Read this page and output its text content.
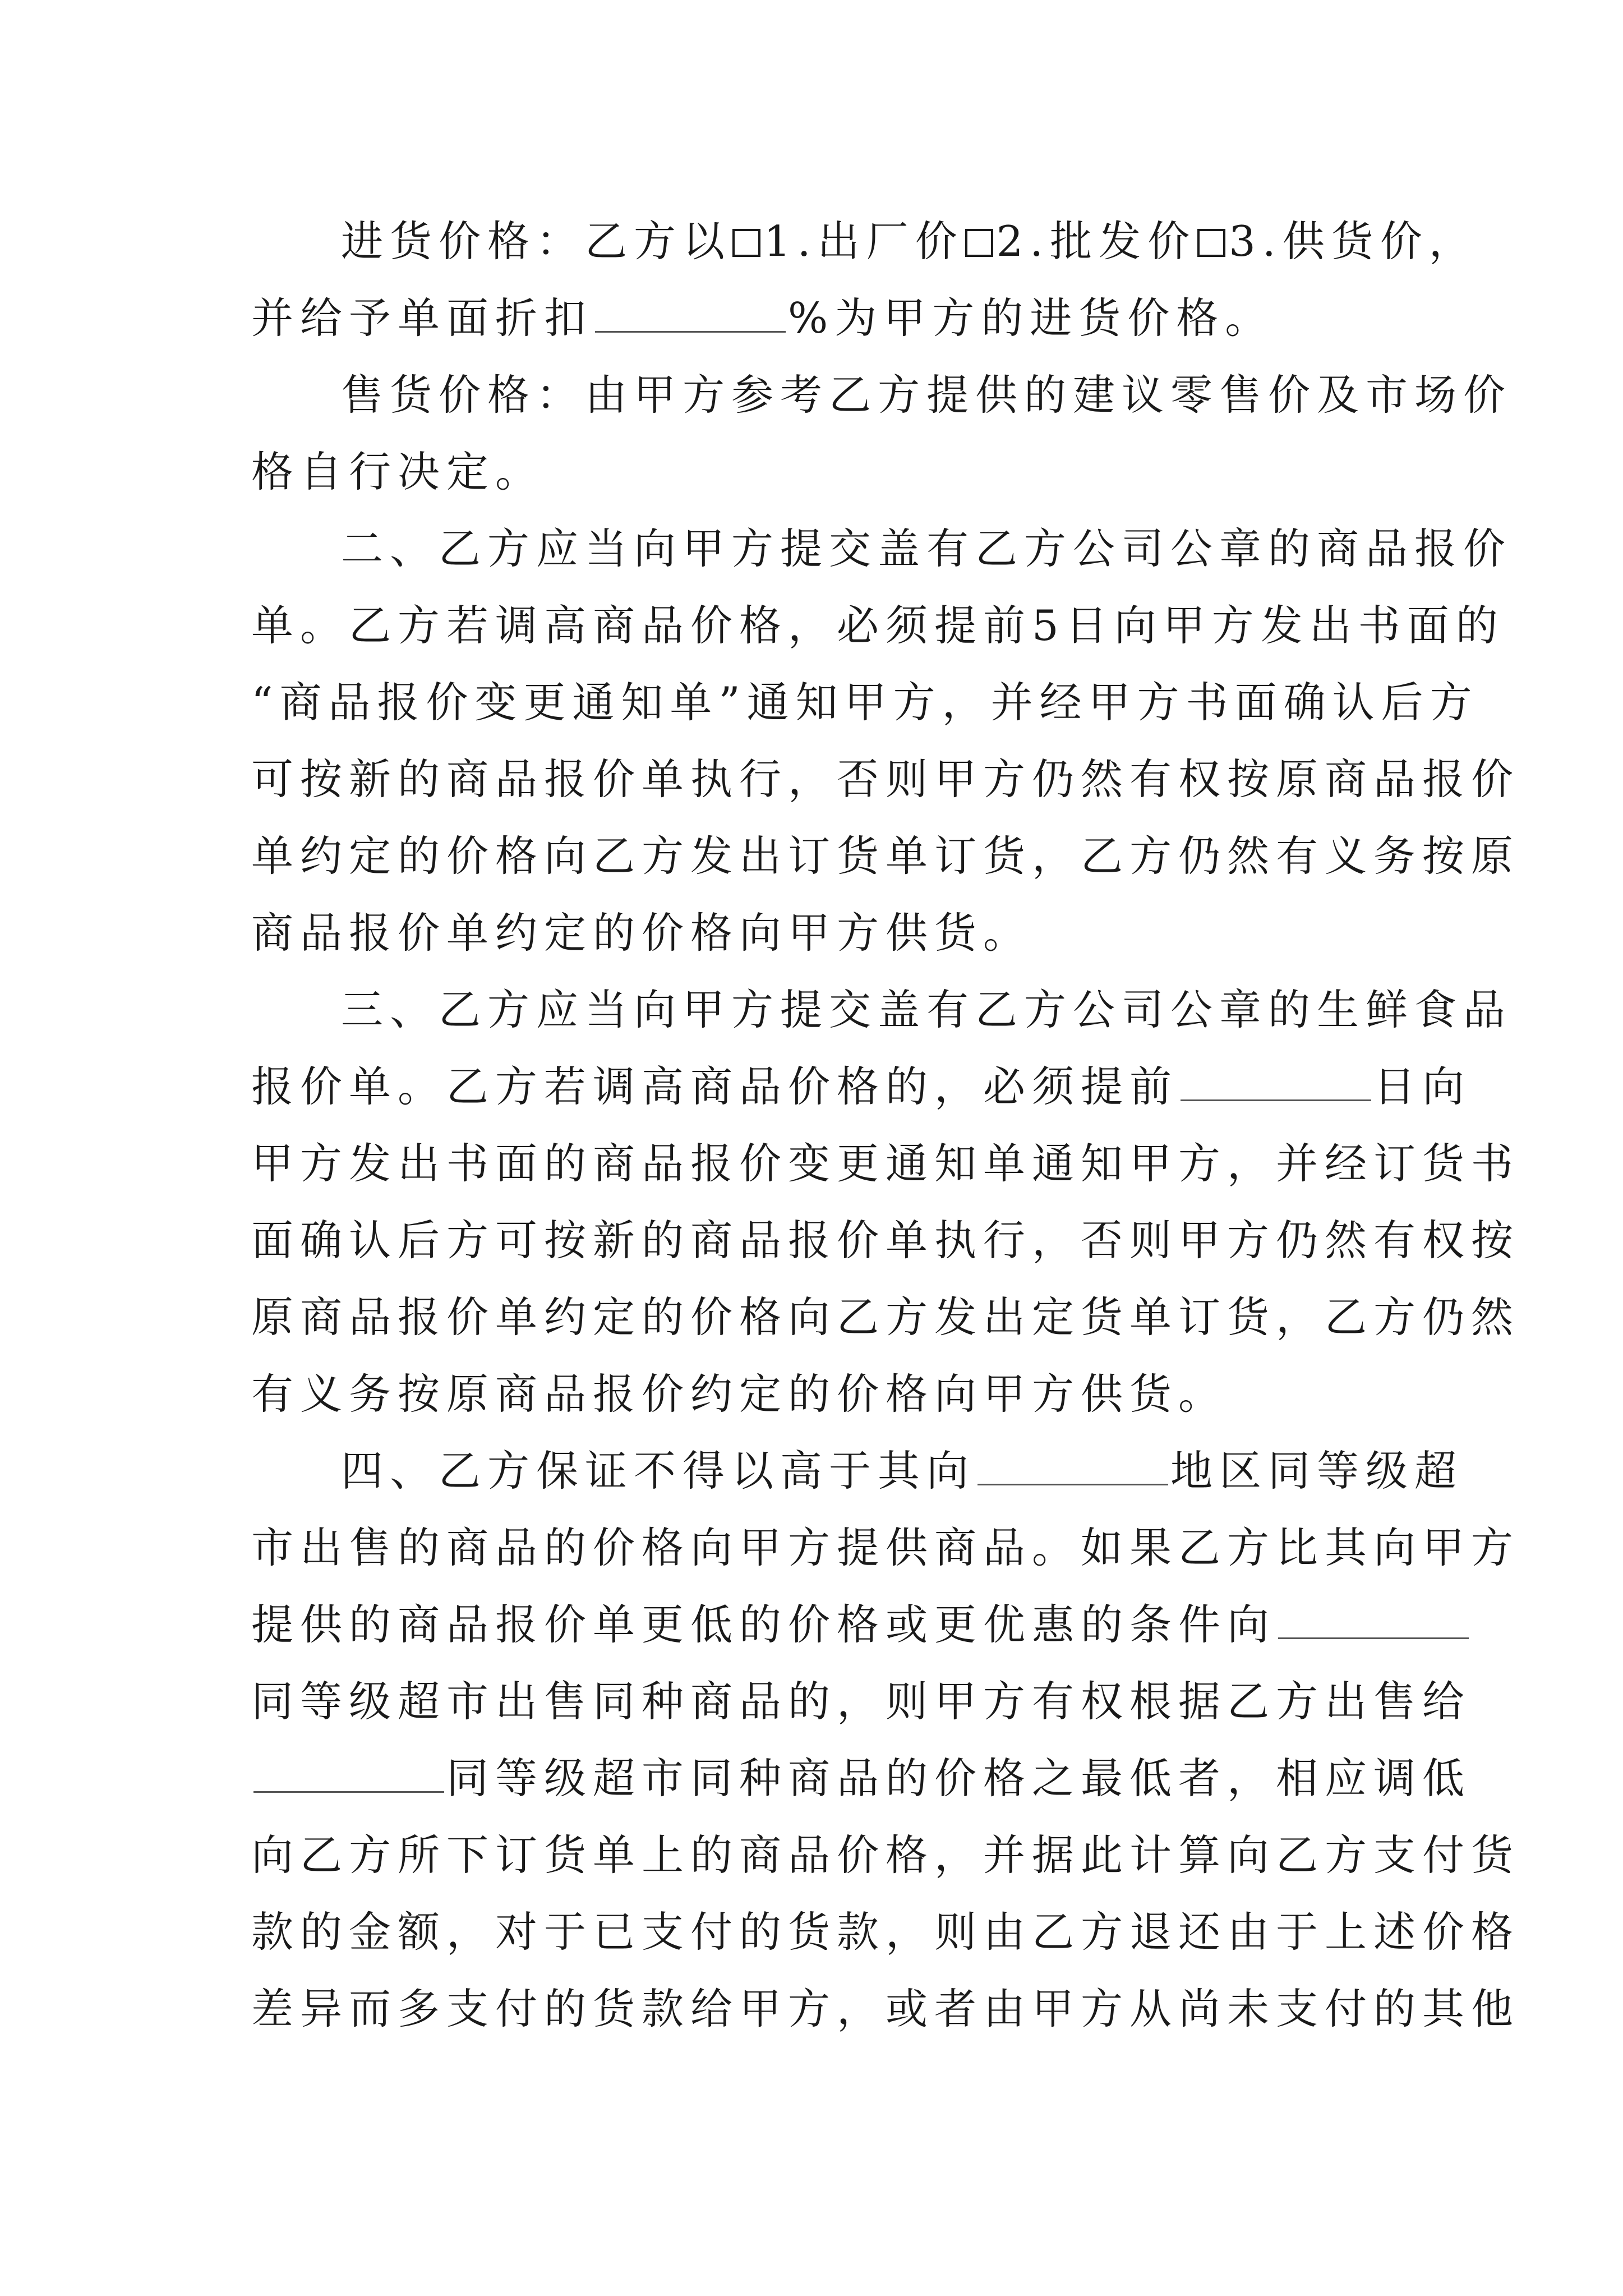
进货价格：乙方以 1.出厂价 2.批发价 3.供货价，

并给予单面折扣	%为甲方的进货价格。

售货价格：由甲方参考乙方提供的建议零售价及市场价

格自行决定。

二、乙方应当向甲方提交盖有乙方公司公章的商品报价

单。乙方若调高商品价格，必须提前5日向甲方发出书面的

“商品报价变更通知单”通知甲方，并经甲方书面确认后方

可按新的商品报价单执行，否则甲方仍然有权按原商品报价

单约定的价格向乙方发出订货单订货，乙方仍然有义务按原

商品报价单约定的价格向甲方供货。

三、乙方应当向甲方提交盖有乙方公司公章的生鲜食品

报价单。乙方若调高商品价格的，必须提前	日向

甲方发出书面的商品报价变更通知单通知甲方，并经订货书

面确认后方可按新的商品报价单执行，否则甲方仍然有权按

原商品报价单约定的价格向乙方发出定货单订货，乙方仍然

有义务按原商品报价约定的价格向甲方供货。

四、乙方保证不得以高于其向	地区同等级超

市出售的商品的价格向甲方提供商品。如果乙方比其向甲方

提供的商品报价单更低的价格或更优惠的条件向

同等级超市出售同种商品的，则甲方有权根据乙方出售给

同等级超市同种商品的价格之最低者，相应调低

向乙方所下订货单上的商品价格，并据此计算向乙方支付货

款的金额，对于已支付的货款，则由乙方退还由于上述价格

差异而多支付的货款给甲方，或者由甲方从尚未支付的其他
